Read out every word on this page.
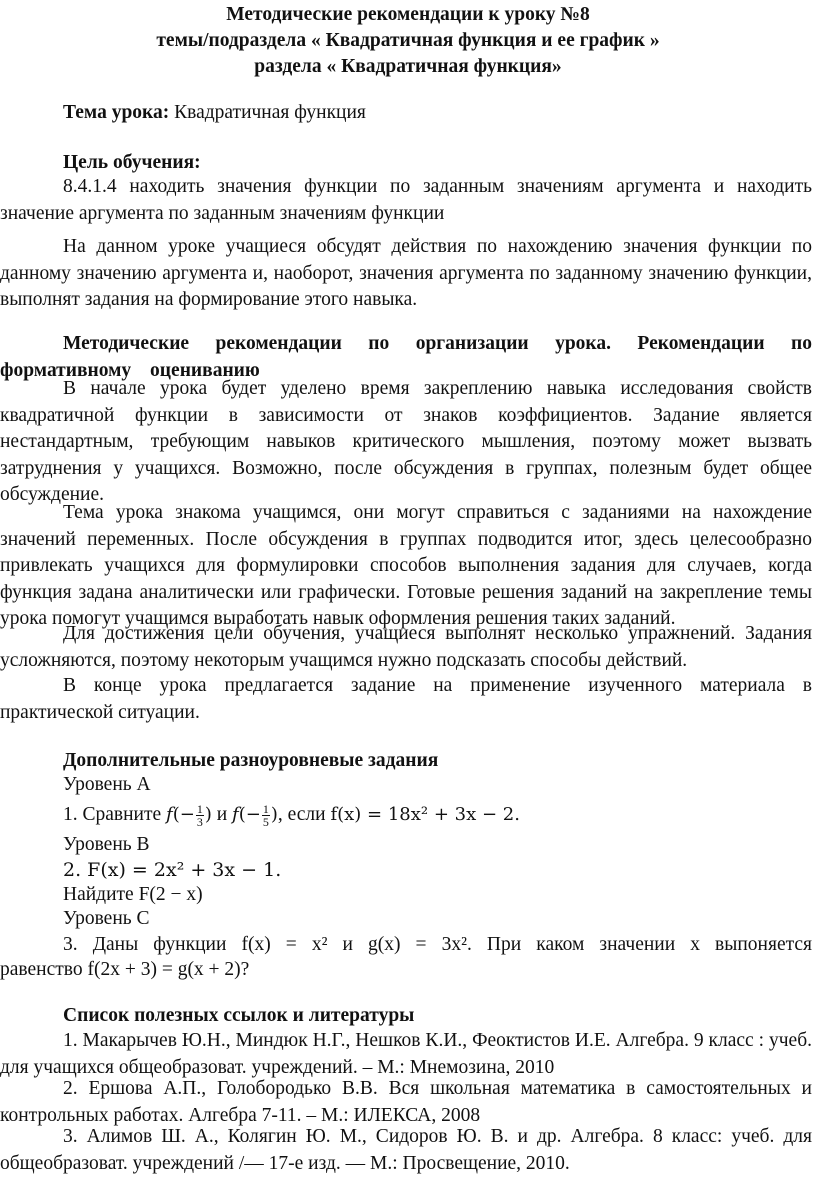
Методические рекомендации к уроку №8
темы/подраздела « Квадратичная функция и ее график »
раздела « Квадратичная функция»
Тема урока: Квадратичная функция
Цель обучения:
8.4.1.4 находить значения функции по заданным значениям аргумента и находить значение аргумента по заданным значениям функции
На данном уроке учащиеся обсудят действия по нахождению значения функции по данному значению аргумента и, наоборот, значения аргумента по заданному значению функции, выполнят задания на формирование этого навыка.
Методические рекомендации по организации урока. Рекомендации по формативному оцениванию
В начале урока будет уделено время закреплению навыка исследования свойств квадратичной функции в зависимости от знаков коэффициентов. Задание является нестандартным, требующим навыков критического мышления, поэтому может вызвать затруднения у учащихся. Возможно, после обсуждения в группах, полезным будет общее обсуждение.
Тема урока знакома учащимся, они могут справиться с заданиями на нахождение значений переменных. После обсуждения в группах подводится итог, здесь целесообразно привлекать учащихся для формулировки способов выполнения задания для случаев, когда функция задана аналитически или графически. Готовые решения заданий на закрепление темы урока помогут учащимся выработать навык оформления решения таких заданий.
Для достижения цели обучения, учащиеся выполнят несколько упражнений. Задания усложняются, поэтому некоторым учащимся нужно подсказать способы действий.
В конце урока предлагается задание на применение изученного материала в практической ситуации.
Дополнительные разноуровневые задания
Уровень А
1. Сравните $f(- \frac{1}{3}$ ) и $f(- \frac{1}{5}$ ), если f(x) = 18x² + 3x − 2.
Уровень В
2. F(x) = 2x² + 3x − 1.
Найдите F(2 − x)
Уровень С
3. Даны функции f(x) = x² и g(x) = 3x². При каком значении x выпоняется
равенство f(2x + 3) = g(x + 2)?
Список полезных ссылок и литературы
1. Макарычев Ю.Н., Миндюк Н.Г., Нешков К.И., Феоктистов И.Е. Алгебра. 9 класс : учеб. для учащихся общеобразоват. учреждений. – М.: Мнемозина, 2010
2. Ершова А.П., Голобородько В.В. Вся школьная математика в самостоятельных и контрольных работах. Алгебра 7-11. – М.: ИЛЕКСА, 2008
3. Алимов Ш. А., Колягин Ю. М., Сидоров Ю. В. и др. Алгебра. 8 класс: учеб. для общеобразоват. учреждений /— 17-е изд. — М.: Просвещение, 2010.
